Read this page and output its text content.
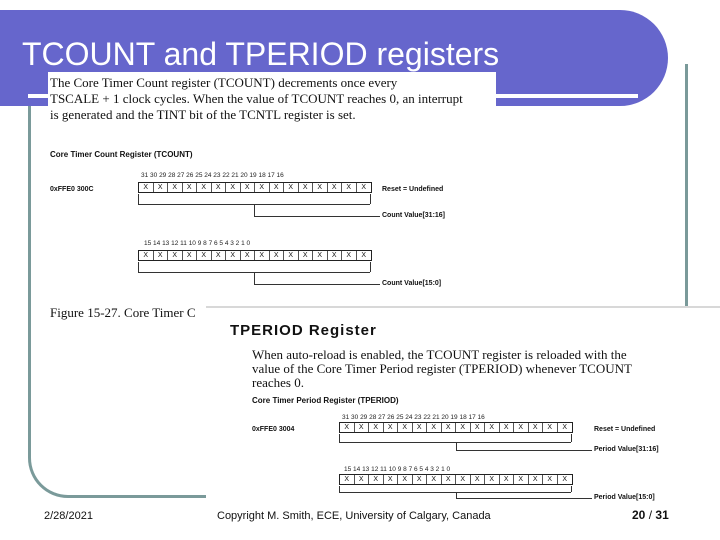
TCOUNT and TPERIOD registers
The Core Timer Count register (TCOUNT) decrements once every
TSCALE + 1 clock cycles. When the value of TCOUNT reaches 0, an interrupt
is generated and the TINT bit of the TCNTL register is set.
Core Timer Count Register (TCOUNT)
31 30 29 28 27 26 25 24 23 22 21 20 19 18 17 16
0xFFE0 300C	X	X	X	X	X	X	X	X	X	X	X	X	X	X	X	X	Reset = Undefined
Count Value[31:16]
15 14 13 12 11 10 9 8 7 6 5 4 3 2 1 0
X	X	X	X	X	X	X	X	X	X	X	X	X	X	X	X
Count Value[15:0]
Figure 15-27. Core Timer C
TPERIOD Register
When auto-reload is enabled, the TCOUNT register is reloaded with the
value of the Core Timer Period register (TPERIOD) whenever TCOUNT
reaches 0.
Core Timer Period Register (TPERIOD)
31 30 29 28 27 26 25 24 23 22 21 20 19 18 17 16
0xFFE0 3004	X	X	X	X	X	X	X	X	X	X	X	X	X	X	X	X	Reset = Undefined
Period Value[31:16]
15 14 13 12 11 10 9 8 7 6 5 4 3 2 1 0
X	X	X	X	X	X	X	X	X	X	X	X	X	X	X	X
Period Value[15:0]
2/28/2021	Copyright M. Smith, ECE, University of Calgary, Canada	20 / 31
